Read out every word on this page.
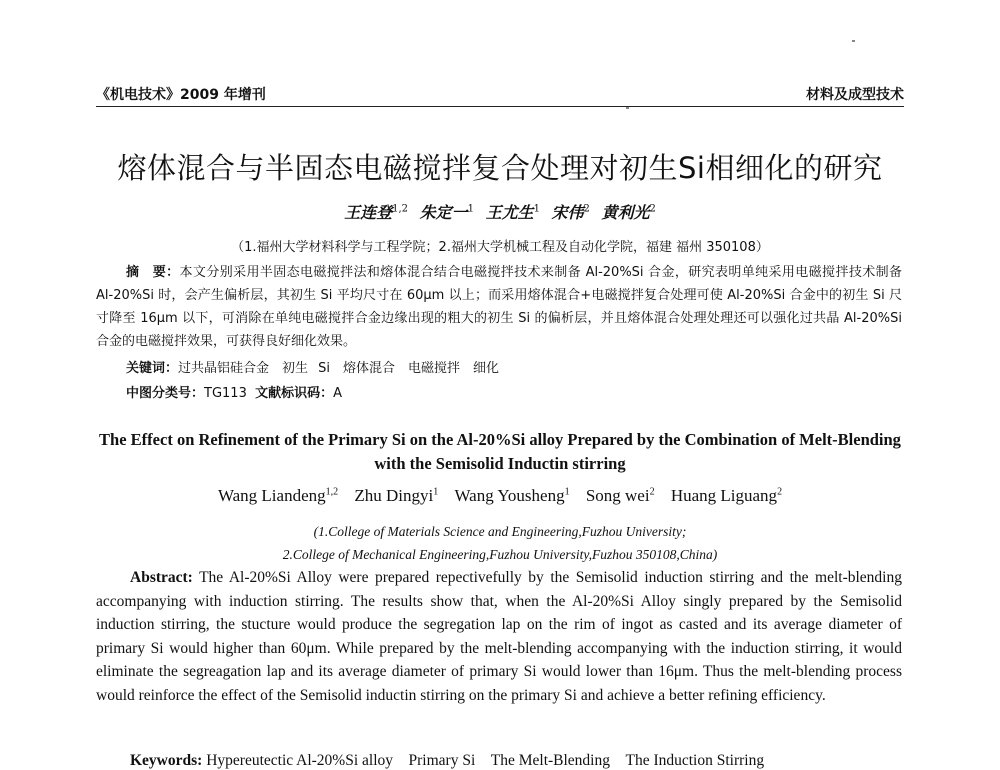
《机电技术》2009 年增刊	材料及成型技术
熔体混合与半固态电磁搅拌复合处理对初生Si相细化的研究
王连登$^{1,2}$ 朱定一$^1$ 王尤生$^1$ 宋伟$^2$ 黄利光$^2$
（1.福州大学材料科学与工程学院；2.福州大学机械工程及自动化学院，福建 福州 350108）
摘　要：本文分别采用半固态电磁搅拌法和熔体混合结合电磁搅拌技术来制备 Al-20%Si 合金，研究表明单纯采用电磁搅拌技术制备 Al-20%Si 时，会产生偏析层，其初生 Si 平均尺寸在 60μm 以上；而采用熔体混合+电磁搅拌复合处理可使 Al-20%Si 合金中的初生 Si 尺寸降至 16μm 以下，可消除在单纯电磁搅拌合金边缘出现的粗大的初生 Si 的偏析层，并且熔体混合处理处理还可以强化过共晶 Al-20%Si 合金的电磁搅拌效果，可获得良好细化效果。
关键词：过共晶铝硅合金　初生 Si　熔体混合　电磁搅拌　细化
中图分类号：TG113 文献标识码：A
The Effect on Refinement of the Primary Si on the Al-20%Si alloy Prepared by the Combination of Melt-Blending with the Semisolid Inductin stirring
Wang Liandeng$^{1,2}$ Zhu Dingyi$^1$ Wang Yousheng$^1$ Song wei$^2$ Huang Liguang$^2$
(1.College of Materials Science and Engineering,Fuzhou University;
2.College of Mechanical Engineering,Fuzhou University,Fuzhou 350108,China)
Abstract: The Al-20%Si Alloy were prepared repectivefully by the Semisolid induction stirring and the melt-blending accompanying with induction stirring. The results show that, when the Al-20%Si Alloy singly prepared by the Semisolid induction stirring, the stucture would produce the segregation lap on the rim of ingot as casted and its average diameter of primary Si would higher than 60μm. While prepared by the melt-blending accompanying with the induction stirring, it would eliminate the segreagation lap and its average diameter of primary Si would lower than 16μm. Thus the melt-blending process would reinforce the effect of the Semisolid inductin stirring on the primary Si and achieve a better refining efficiency.
Keywords: Hypereutectic Al-20%Si alloy　Primary Si　The Melt-Blending　The Induction Stirring
